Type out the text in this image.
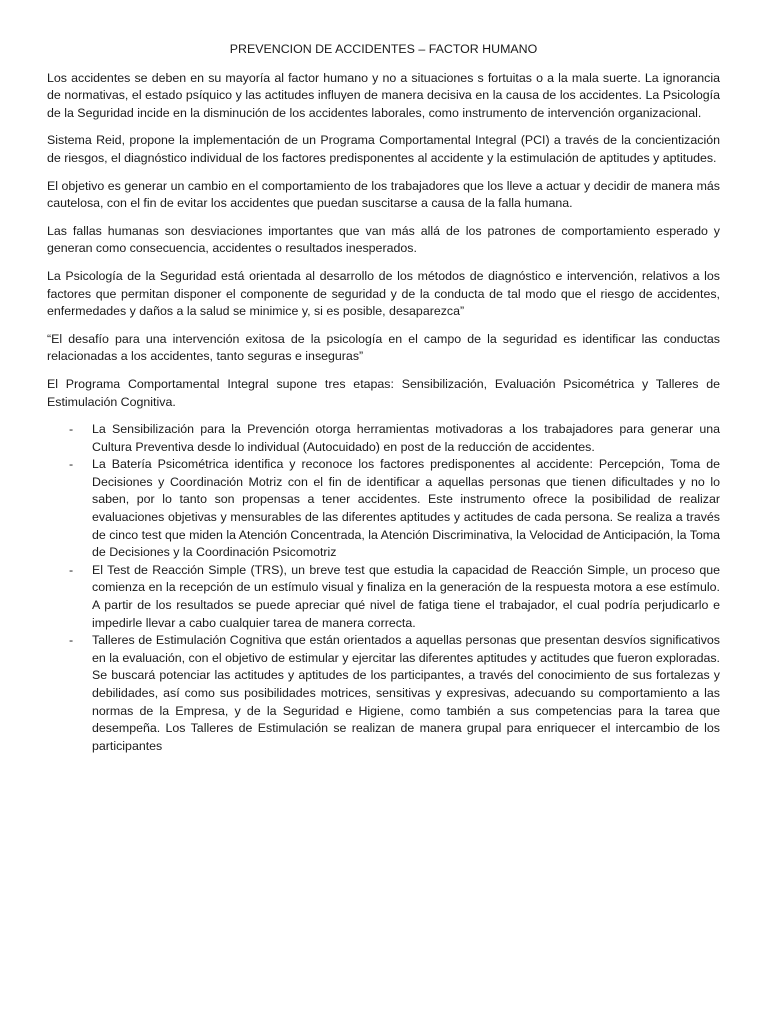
PREVENCION DE ACCIDENTES – FACTOR HUMANO

Los accidentes se deben en su mayoría al factor humano y no a situaciones s fortuitas o a la mala suerte. La ignorancia de normativas, el estado psíquico y las actitudes influyen de manera decisiva en la causa de los accidentes. La Psicología de la Seguridad incide en la disminución de los accidentes laborales, como instrumento de intervención organizacional.

Sistema Reid, propone la implementación de un Programa Comportamental Integral (PCI) a través de la concientización de riesgos, el diagnóstico individual de los factores predisponentes al accidente y la estimulación de aptitudes y aptitudes.

El objetivo es generar un cambio en el comportamiento de los trabajadores que los lleve a actuar y decidir de manera más cautelosa, con el fin de evitar los accidentes que puedan suscitarse a causa de la falla humana.

Las fallas humanas son desviaciones importantes que van más allá de los patrones de comportamiento esperado y generan como consecuencia, accidentes o resultados inesperados.

La Psicología de la Seguridad está orientada al desarrollo de los métodos de diagnóstico e intervención, relativos a los factores que permitan disponer el componente de seguridad y de la conducta de tal modo que el riesgo de accidentes, enfermedades y daños a la salud se minimice y, si es posible, desaparezca”

“El desafío para una intervención exitosa de la psicología en el campo de la seguridad es identificar las conductas relacionadas a los accidentes, tanto seguras e inseguras”

El Programa Comportamental Integral supone tres etapas: Sensibilización, Evaluación Psicométrica y Talleres de Estimulación Cognitiva.

- La Sensibilización para la Prevención otorga herramientas motivadoras a los trabajadores para generar una Cultura Preventiva desde lo individual (Autocuidado) en post de la reducción de accidentes.
- La Batería Psicométrica identifica y reconoce los factores predisponentes al accidente: Percepción, Toma de Decisiones y Coordinación Motriz con el fin de identificar a aquellas personas que tienen dificultades y no lo saben, por lo tanto son propensas a tener accidentes. Este instrumento ofrece la posibilidad de realizar evaluaciones objetivas y mensurables de las diferentes aptitudes y actitudes de cada persona. Se realiza a través de cinco test que miden la Atención Concentrada, la Atención Discriminativa, la Velocidad de Anticipación, la Toma de Decisiones y la Coordinación Psicomotriz
- El Test de Reacción Simple (TRS), un breve test que estudia la capacidad de Reacción Simple, un proceso que comienza en la recepción de un estímulo visual y finaliza en la generación de la respuesta motora a ese estímulo. A partir de los resultados se puede apreciar qué nivel de fatiga tiene el trabajador, el cual podría perjudicarlo e impedirle llevar a cabo cualquier tarea de manera correcta.
- Talleres de Estimulación Cognitiva que están orientados a aquellas personas que presentan desvíos significativos en la evaluación, con el objetivo de estimular y ejercitar las diferentes aptitudes y actitudes que fueron exploradas. Se buscará potenciar las actitudes y aptitudes de los participantes, a través del conocimiento de sus fortalezas y debilidades, así como sus posibilidades motrices, sensitivas y expresivas, adecuando su comportamiento a las normas de la Empresa, y de la Seguridad e Higiene, como también a sus competencias para la tarea que desempeña. Los Talleres de Estimulación se realizan de manera grupal para enriquecer el intercambio de los participantes
